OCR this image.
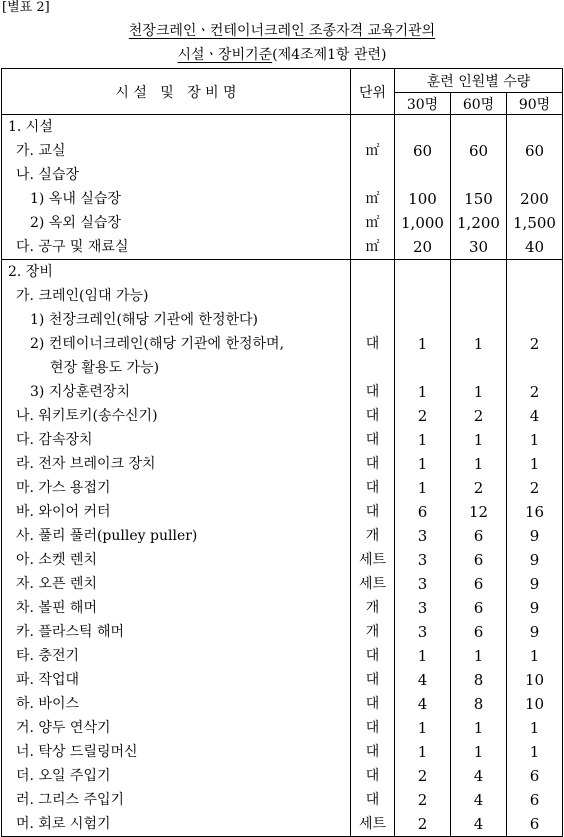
[별표 2]
천장크레인ㆍ컨테이너크레인 조종자격 교육기관의
시설ㆍ장비기준(제4조제1항 관련)
시 설   및   장 비 명	단위	훈련 인원별 수량		
		30명	60명	90명
1. 시설				
가. 교실	㎡	60	60	60
나. 실습장				
1) 옥내 실습장	㎡	100	150	200
2) 옥외 실습장	㎡	1,000	1,200	1,500
다. 공구 및 재료실	㎡	20	30	40
2. 장비				
가. 크레인(임대 가능)				
1) 천장크레인(해당 기관에 한정한다)				
2) 컨테이너크레인(해당 기관에 한정하며,	대	1	1	2
현장 활용도 가능)				
3) 지상훈련장치	대	1	1	2
나. 워키토키(송수신기)	대	2	2	4
다. 감속장치	대	1	1	1
라. 전자 브레이크 장치	대	1	1	1
마. 가스 용접기	대	1	2	2
바. 와이어 커터	대	6	12	16
사. 풀리 풀러(pulley puller)	개	3	6	9
아. 소켓 렌치	세트	3	6	9
자. 오픈 렌치	세트	3	6	9
차. 볼핀 해머	개	3	6	9
카. 플라스틱 해머	개	3	6	9
타. 충전기	대	1	1	1
파. 작업대	대	4	8	10
하. 바이스	대	4	8	10
거. 양두 연삭기	대	1	1	1
너. 탁상 드릴링머신	대	1	1	1
더. 오일 주입기	대	2	4	6
러. 그리스 주입기	대	2	4	6
머. 회로 시험기	세트	2	4	6
